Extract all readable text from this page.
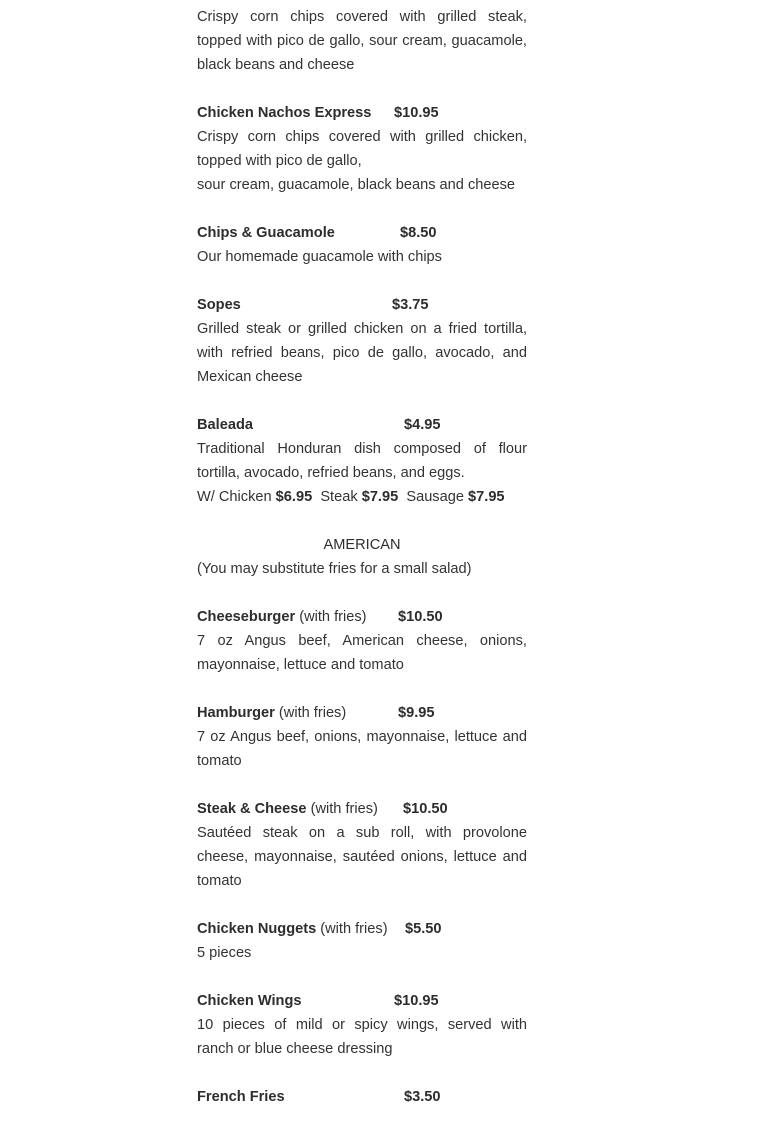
Crispy corn chips covered with grilled steak,
topped with pico de gallo, sour cream, guacamole,
black beans and cheese
Chicken Nachos Express $10.95
Crispy corn chips covered with grilled chicken,
topped with pico de gallo,
sour cream, guacamole, black beans and cheese
Chips & Guacamole	$8.50
Our homemade guacamole with chips
Sopes	$3.75
Grilled steak or grilled chicken on a fried tortilla,
with refried beans, pico de gallo, avocado, and
Mexican cheese
Baleada	$4.95
Traditional Honduran dish composed of flour
tortilla, avocado, refried beans, and eggs.
W/ Chicken $6.95 Steak $7.95 Sausage $7.95
AMERICAN
(You may substitute fries for a small salad)
Cheeseburger (with fries) $10.50
7 oz Angus beef, American cheese, onions,
mayonnaise, lettuce and tomato
Hamburger (with fries)	$9.95
7 oz Angus beef, onions, mayonnaise, lettuce and
tomato
Steak & Cheese (with fries) $10.50
Sautéed steak on a sub roll, with provolone
cheese, mayonnaise, sautéed onions, lettuce and
tomato
Chicken Nuggets (with fries) $5.50
5 pieces
Chicken Wings	$10.95
10 pieces of mild or spicy wings, served with
ranch or blue cheese dressing
French Fries	$3.50
